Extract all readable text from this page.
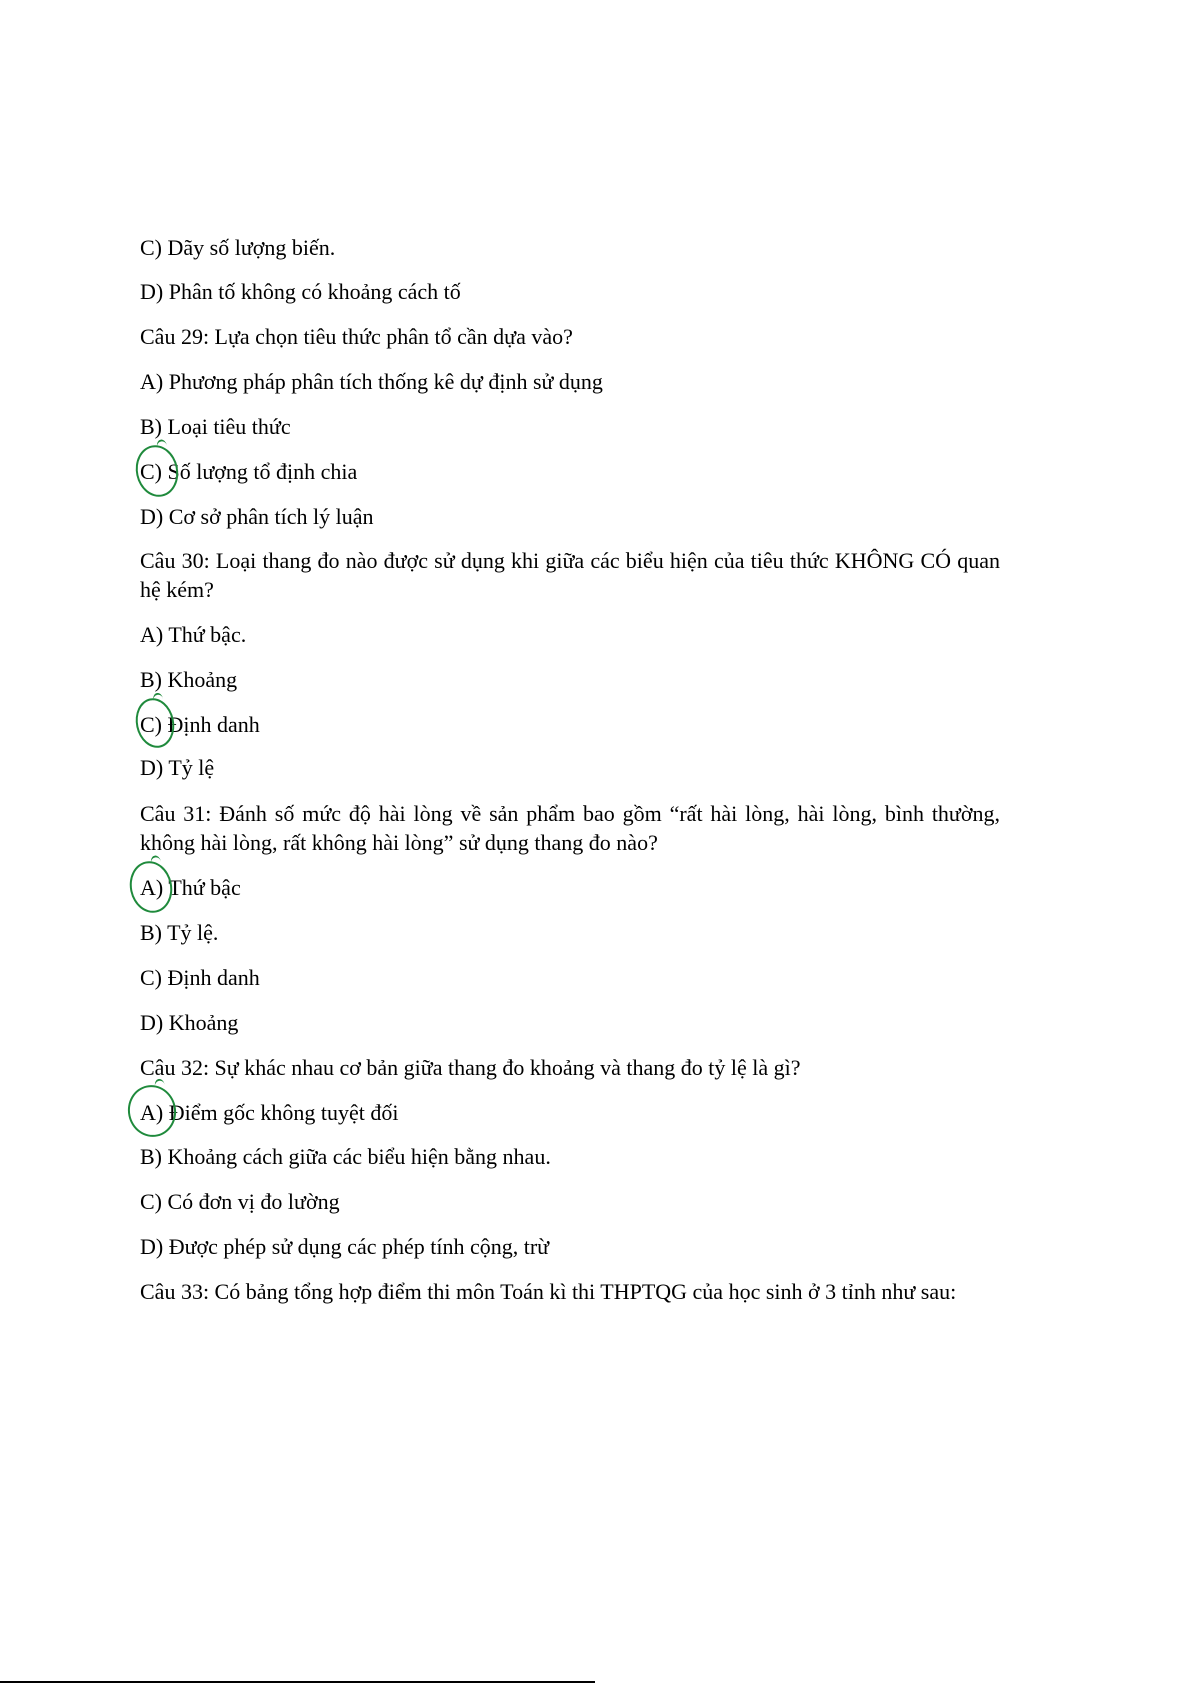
C) Dãy số lượng biến.
D) Phân tố không có khoảng cách tố
Câu 29: Lựa chọn tiêu thức phân tổ cần dựa vào?
A) Phương pháp phân tích thống kê dự định sử dụng
B) Loại tiêu thức
C) Số lượng tổ định chia
D) Cơ sở phân tích lý luận
Câu 30: Loại thang đo nào được sử dụng khi giữa các biểu hiện của tiêu thức KHÔNG CÓ quan hệ kém?
A) Thứ bậc.
B) Khoảng
C) Định danh
D) Tỷ lệ
Câu 31: Đánh số mức độ hài lòng về sản phẩm bao gồm “rất hài lòng, hài lòng, bình thường, không hài lòng, rất không hài lòng” sử dụng thang đo nào?
A) Thứ bậc
B) Tỷ lệ.
C) Định danh
D) Khoảng
Câu 32: Sự khác nhau cơ bản giữa thang đo khoảng và thang đo tỷ lệ là gì?
A) Điểm gốc không tuyệt đối
B) Khoảng cách giữa các biểu hiện bằng nhau.
C) Có đơn vị đo lường
D) Được phép sử dụng các phép tính cộng, trừ
Câu 33: Có bảng tổng hợp điểm thi môn Toán kì thi THPTQG của học sinh ở 3 tỉnh như sau:
